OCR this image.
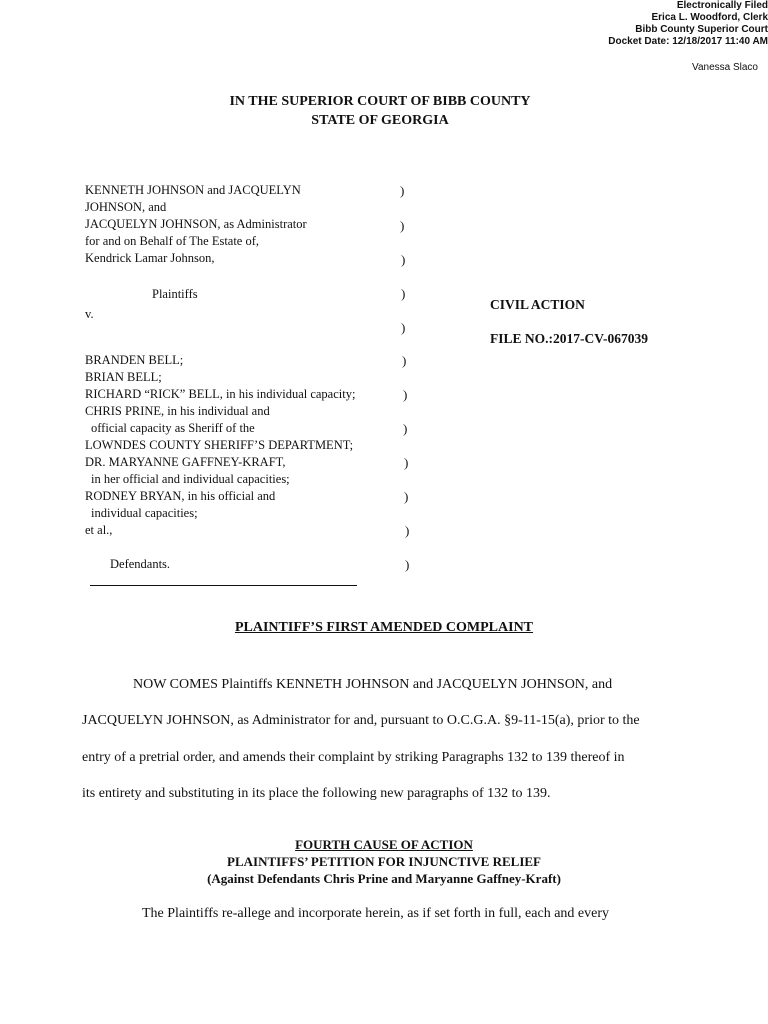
Electronically Filed
Erica L. Woodford, Clerk
Bibb County Superior Court
Docket Date: 12/18/2017 11:40 AM
Vanessa Slaco
IN THE SUPERIOR COURT OF BIBB COUNTY
STATE OF GEORGIA
KENNETH JOHNSON and JACQUELYN
JOHNSON, and
JACQUELYN JOHNSON, as Administrator
for and on Behalf of The Estate of,
Kendrick Lamar Johnson,
Plaintiffs
v.
BRANDEN BELL;
BRIAN BELL;
RICHARD “RICK” BELL, in his individual capacity;
CHRIS PRINE, in his individual and
official capacity as Sheriff of the
LOWNDES COUNTY SHERIFF’S DEPARTMENT;
DR. MARYANNE GAFFNEY-KRAFT,
in her official and individual capacities;
RODNEY BRYAN, in his official and
individual capacities;
et al.,
Defendants.
)
)
)
)
)
)
)
)
)
)
)
)
CIVIL ACTION
FILE NO.:2017-CV-067039
PLAINTIFF’S FIRST AMENDED COMPLAINT
NOW COMES Plaintiffs KENNETH JOHNSON and JACQUELYN JOHNSON, and
JACQUELYN JOHNSON, as Administrator for and, pursuant to O.C.G.A. §9-11-15(a), prior to the
entry of a pretrial order, and amends their complaint by striking Paragraphs 132 to 139 thereof in
its entirety and substituting in its place the following new paragraphs of 132 to 139.
FOURTH CAUSE OF ACTION
PLAINTIFFS’ PETITION FOR INJUNCTIVE RELIEF
(Against Defendants Chris Prine and Maryanne Gaffney-Kraft)
The Plaintiffs re-allege and incorporate herein, as if set forth in full, each and every
